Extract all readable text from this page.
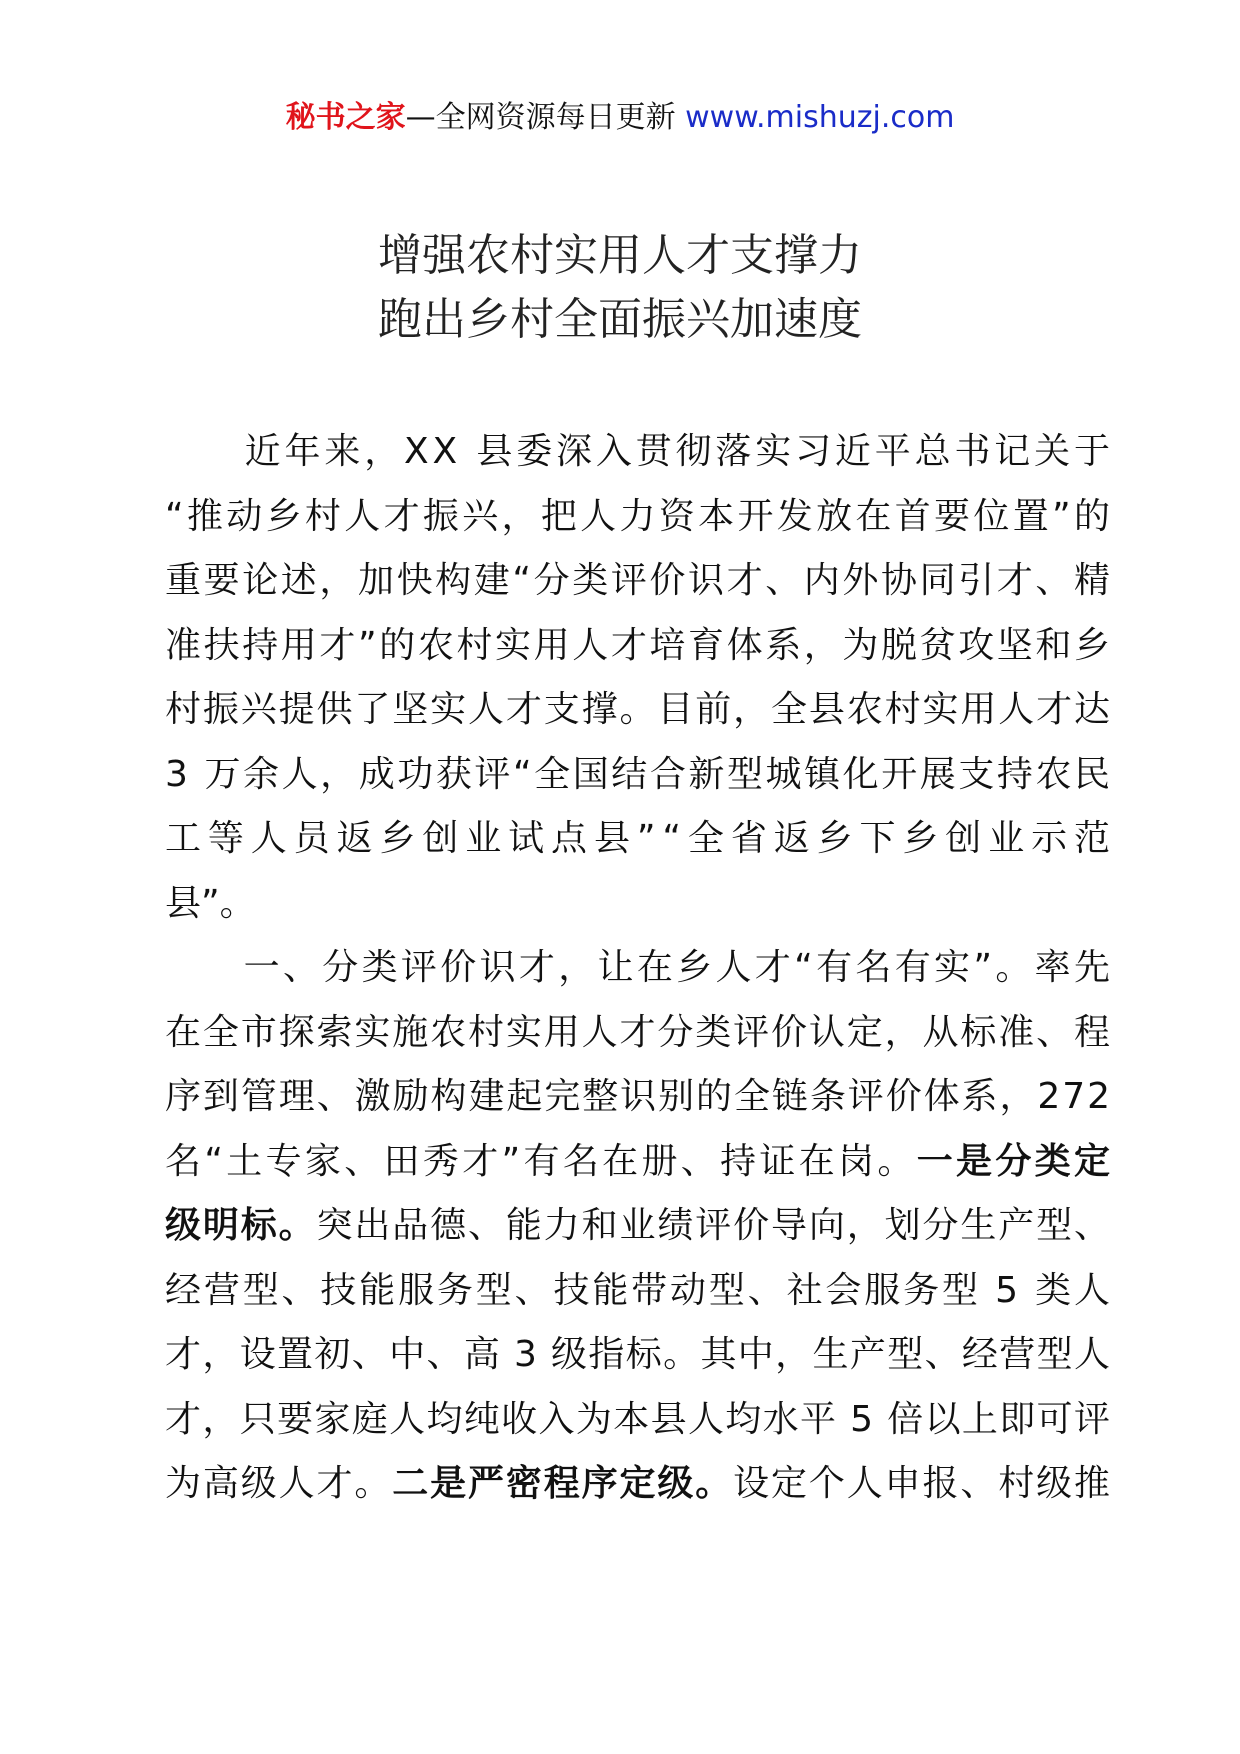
秘书之家—全网资源每日更新 www.mishuzj.com
增强农村实用人才支撑力
跑出乡村全面振兴加速度
　　近年来，XX 县委深入贯彻落实习近平总书记关于
“推动乡村人才振兴，把人力资本开发放在首要位置”的
重要论述，加快构建“分类评价识才、内外协同引才、精
准扶持用才”的农村实用人才培育体系，为脱贫攻坚和乡
村振兴提供了坚实人才支撑。目前，全县农村实用人才达
3 万余人，成功获评“全国结合新型城镇化开展支持农民
工等人员返乡创业试点县”“全省返乡下乡创业示范
县”。
　　一、分类评价识才，让在乡人才“有名有实”。率先
在全市探索实施农村实用人才分类评价认定，从标准、程
序到管理、激励构建起完整识别的全链条评价体系，272
名“土专家、田秀才”有名在册、持证在岗。一是分类定
级明标。突出品德、能力和业绩评价导向，划分生产型、
经营型、技能服务型、技能带动型、社会服务型 5 类人
才，设置初、中、高 3 级指标。其中，生产型、经营型人
才，只要家庭人均纯收入为本县人均水平 5 倍以上即可评
为高级人才。二是严密程序定级。设定个人申报、村级推
